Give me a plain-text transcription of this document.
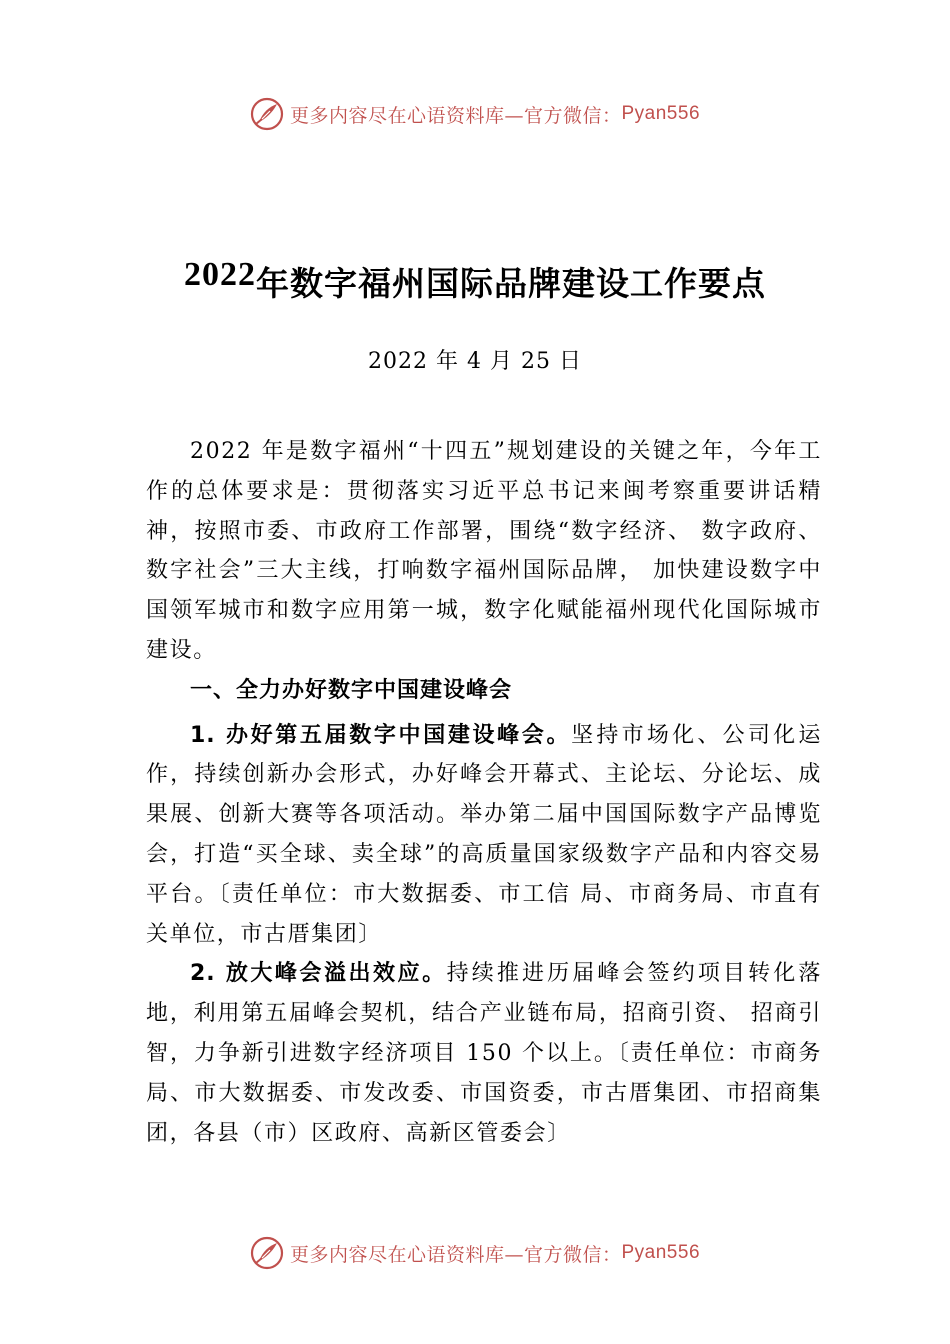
更多内容尽在心语资料库—官方微信： Pyan556
2022年数字福州国际品牌建设工作要点
2022 年 4 月 25 日

2022 年是数字福州“十四五”规划建设的关键之年，今年工作的总体要求是：贯彻落实习近平总书记来闽考察重要讲话精神，按照市委、市政府工作部署，围绕“数字经济、 数字政府、数字社会”三大主线，打响数字福州国际品牌， 加快建设数字中国领军城市和数字应用第一城，数字化赋能福州现代化国际城市建设。

一、全力办好数字中国建设峰会

1. 办好第五届数字中国建设峰会。坚持市场化、公司化运作，持续创新办会形式，办好峰会开幕式、主论坛、分论坛、成果展、创新大赛等各项活动。举办第二届中国国际数字产品博览会，打造“买全球、卖全球”的高质量国家级数字产品和内容交易平台。〔责任单位：市大数据委、市工信 局、市商务局、市直有关单位，市古厝集团〕

2. 放大峰会溢出效应。持续推进历届峰会签约项目转化落地，利用第五届峰会契机，结合产业链布局，招商引资、 招商引智，力争新引进数字经济项目 150 个以上。〔责任单位：市商务局、市大数据委、市发改委、市国资委，市古厝集团、市招商集团，各县（市）区政府、高新区管委会〕

更多内容尽在心语资料库—官方微信： Pyan556
